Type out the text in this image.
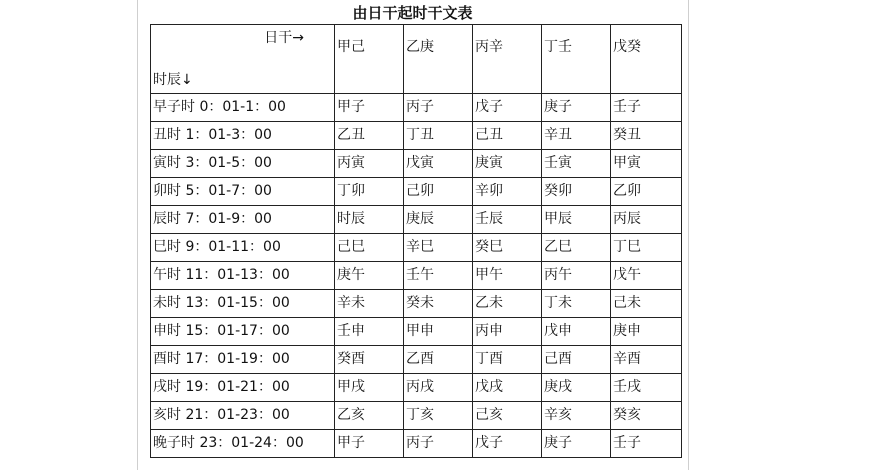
由日干起时干文表
日干→
时辰↓	甲己	乙庚	丙辛	丁壬	戊癸
早子时 0：01-1：00	甲子	丙子	戊子	庚子	壬子
丑时 1：01-3：00	乙丑	丁丑	己丑	辛丑	癸丑
寅时 3：01-5：00	丙寅	戊寅	庚寅	壬寅	甲寅
卯时 5：01-7：00	丁卯	己卯	辛卯	癸卯	乙卯
辰时 7：01-9：00	时辰	庚辰	壬辰	甲辰	丙辰
巳时 9：01-11：00	己巳	辛巳	癸巳	乙巳	丁巳
午时 11：01-13：00	庚午	壬午	甲午	丙午	戊午
未时 13：01-15：00	辛未	癸未	乙未	丁未	己未
申时 15：01-17：00	壬申	甲申	丙申	戊申	庚申
酉时 17：01-19：00	癸酉	乙酉	丁酉	己酉	辛酉
戌时 19：01-21：00	甲戌	丙戌	戊戌	庚戌	壬戌
亥时 21：01-23：00	乙亥	丁亥	己亥	辛亥	癸亥
晚子时 23：01-24：00	甲子	丙子	戊子	庚子	壬子
